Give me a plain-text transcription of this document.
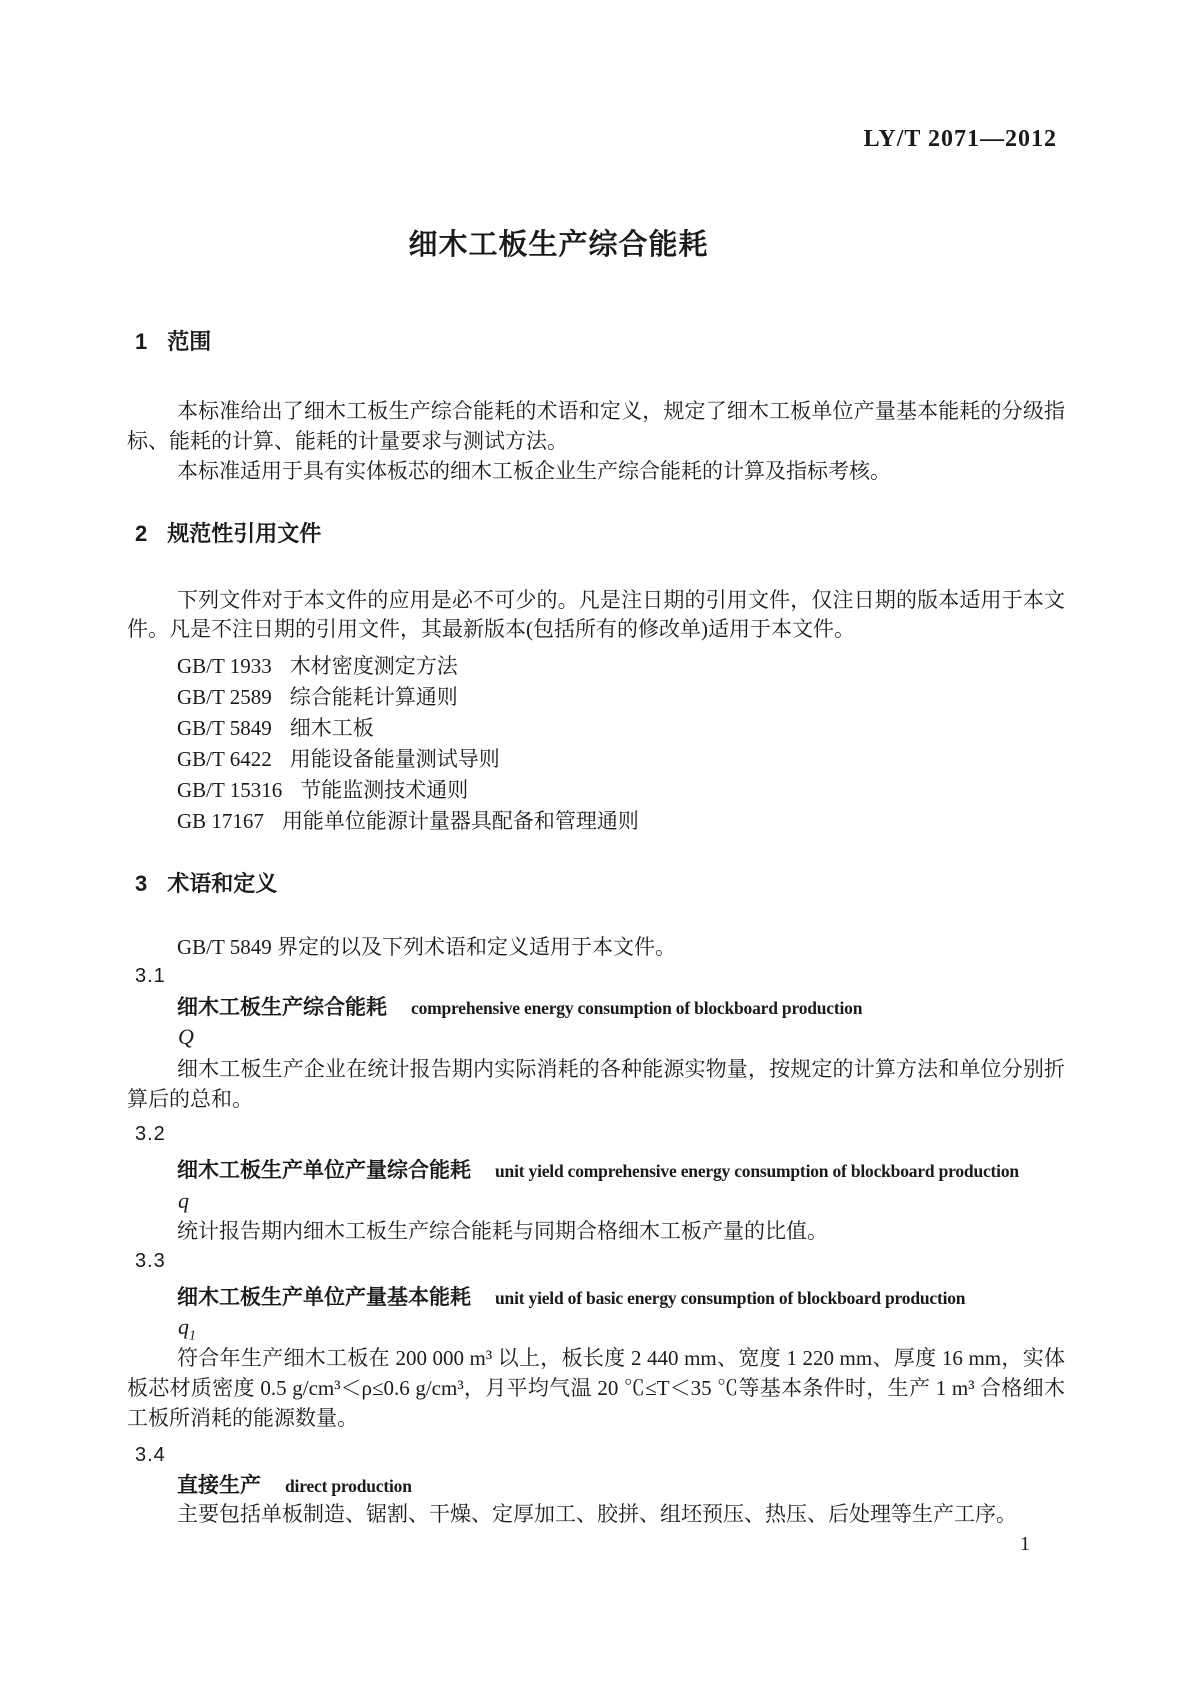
LY/T 2071—2012
细木工板生产综合能耗
1 范围
本标准给出了细木工板生产综合能耗的术语和定义，规定了细木工板单位产量基本能耗的分级指标、能耗的计算、能耗的计量要求与测试方法。
本标准适用于具有实体板芯的细木工板企业生产综合能耗的计算及指标考核。
2 规范性引用文件
下列文件对于本文件的应用是必不可少的。凡是注日期的引用文件，仅注日期的版本适用于本文件。凡是不注日期的引用文件，其最新版本(包括所有的修改单)适用于本文件。
GB/T 1933 木材密度测定方法
GB/T 2589 综合能耗计算通则
GB/T 5849 细木工板
GB/T 6422 用能设备能量测试导则
GB/T 15316 节能监测技术通则
GB 17167 用能单位能源计量器具配备和管理通则
3 术语和定义
GB/T 5849 界定的以及下列术语和定义适用于本文件。
3.1
细木工板生产综合能耗 comprehensive energy consumption of blockboard production
Q
细木工板生产企业在统计报告期内实际消耗的各种能源实物量，按规定的计算方法和单位分别折算后的总和。
3.2
细木工板生产单位产量综合能耗 unit yield comprehensive energy consumption of blockboard production
q
统计报告期内细木工板生产综合能耗与同期合格细木工板产量的比值。
3.3
细木工板生产单位产量基本能耗 unit yield of basic energy consumption of blockboard production
$q_1$
符合年生产细木工板在 200 000 m³ 以上，板长度 2 440 mm、宽度 1 220 mm、厚度 16 mm，实体板芯材质密度 0.5 g/cm³＜ρ≤0.6 g/cm³，月平均气温 20 ℃≤T＜35 ℃等基本条件时，生产 1 m³ 合格细木工板所消耗的能源数量。
3.4
直接生产 direct production
主要包括单板制造、锯割、干燥、定厚加工、胶拼、组坯预压、热压、后处理等生产工序。
1
